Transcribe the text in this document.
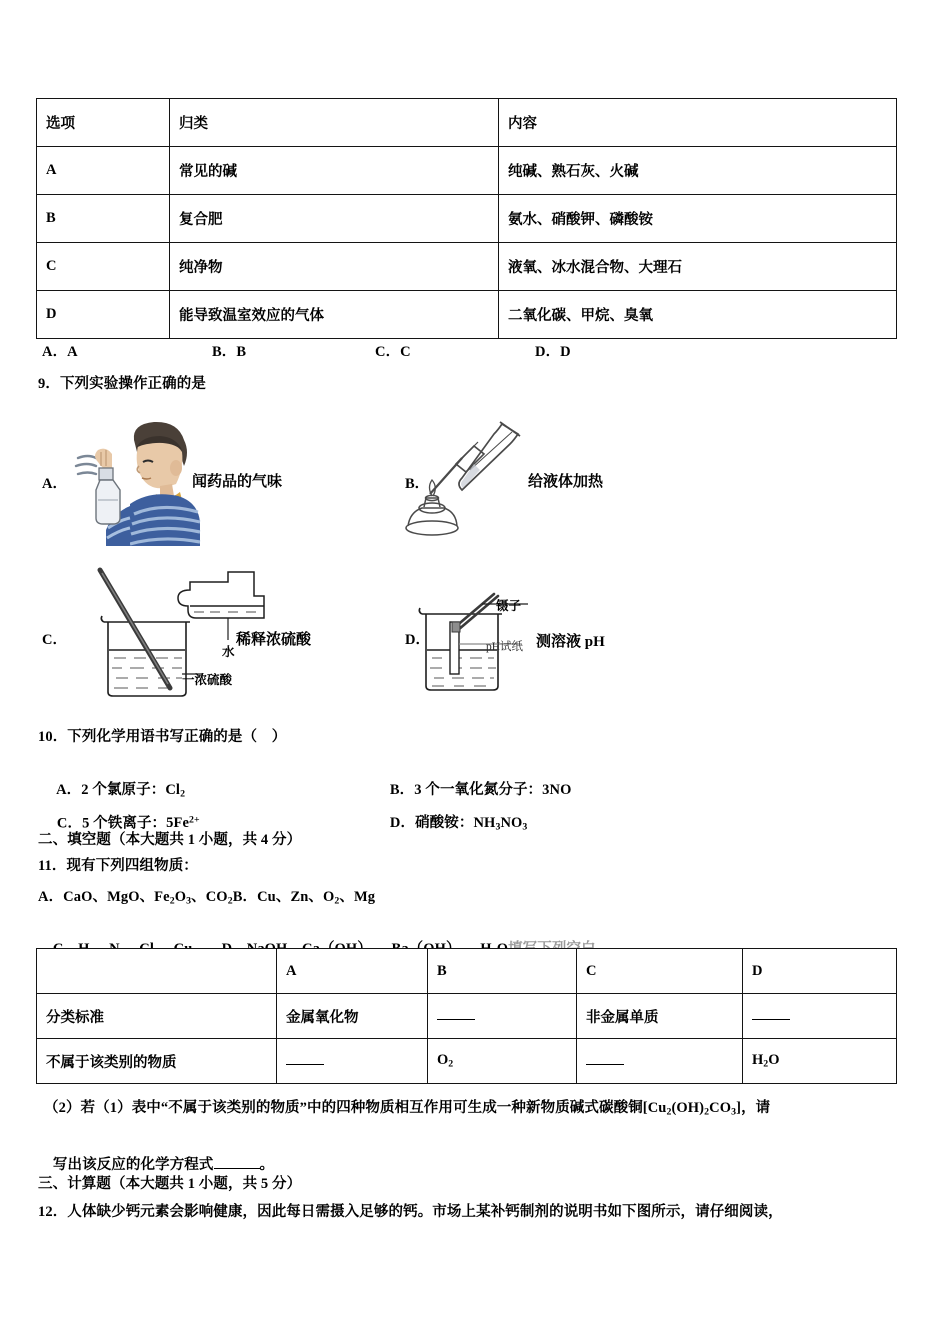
选项	归类	内容
A	常见的碱	纯碱、熟石灰、火碱
B	复合肥	氨水、硝酸钾、磷酸铵
C	纯净物	液氧、冰水混合物、大理石
D	能导致温室效应的气体	二氧化碳、甲烷、臭氧
A．A	B．B	C．C	D．D
9．下列实验操作正确的是
A．	闻药品的气味	B．	给液体加热
C．
水
一浓硫酸
稀释浓硫酸	D．
镊子
pH试纸 测溶液 pH
10．下列化学用语书写正确的是（　）

A．2 个氯原子：$Cl_2$
	B．3 个一氧化氮分子：3NO

C．5 个铁离子：$5Fe^{2+}$
	D．硝酸铵：$NH_3NO_3$

二、填空题（本大题共 1 小题，共 4 分）
11．现有下列四组物质：
A．CaO、MgO、$Fe_2O_3$、$CO_2B$．Cu、Zn、$O_2$、Mg

	A	B	C	D
分类标准	金属氧化物		非金属单质	
不属于该类别的物质		$O_2$		$H_2O$
（2）若（1）表中“不属于该类别的物质”中的四种物质相互作用可生成一种新物质碱式碳酸铜$[Cu_2(OH)_2CO_3]$，请

写出该反应的化学方程式	。

三、计算题（本大题共 1 小题，共 5 分）
12．人体缺少钙元素会影响健康，因此每日需摄入足够的钙。市场上某补钙制剂的说明书如下图所示，请仔细阅读，
